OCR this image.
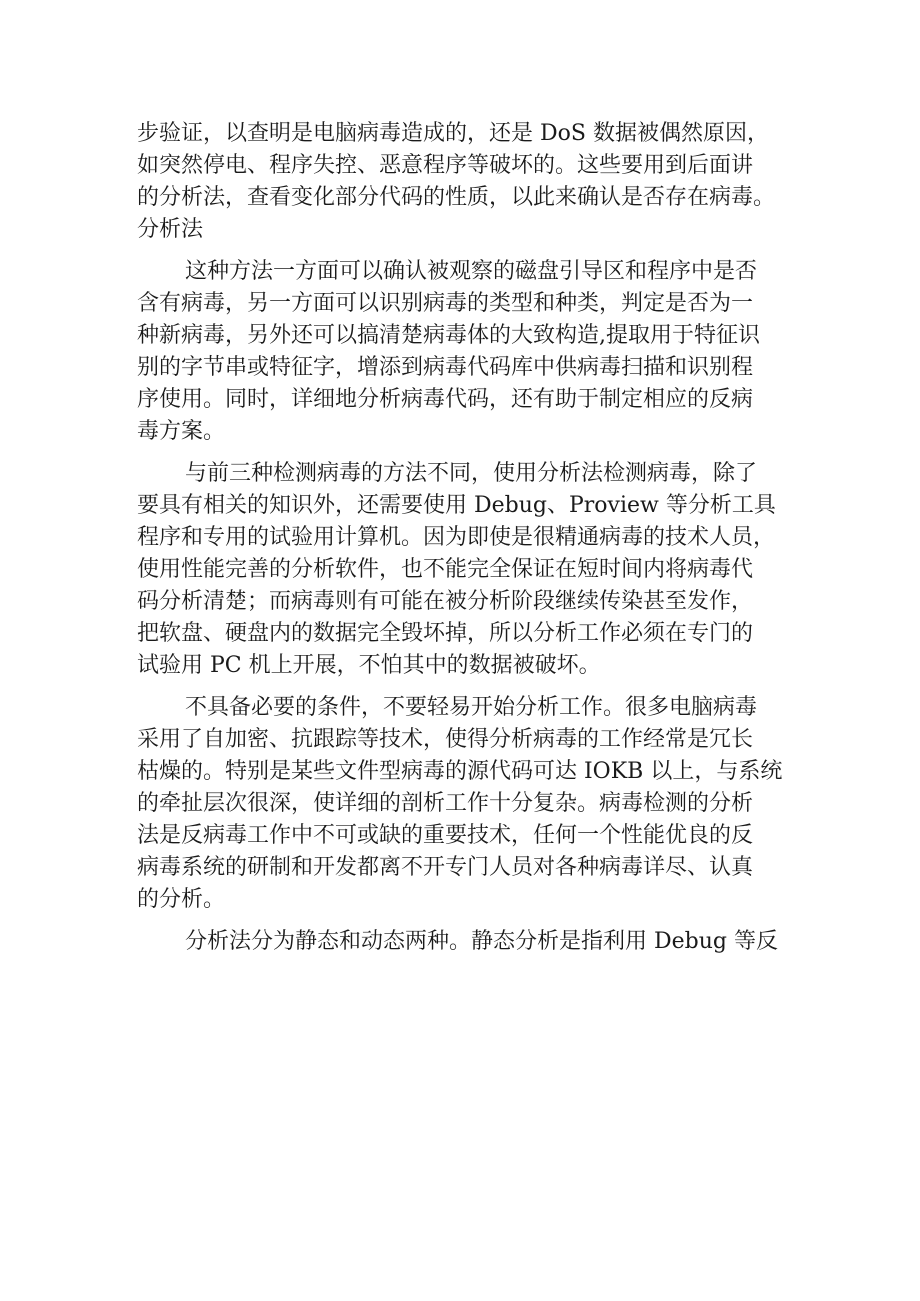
步验证，以查明是电脑病毒造成的，还是 DoS 数据被偶然原因，
如突然停电、程序失控、恶意程序等破坏的。这些要用到后面讲
的分析法，查看变化部分代码的性质，以此来确认是否存在病毒。
分析法
这种方法一方面可以确认被观察的磁盘引导区和程序中是否
含有病毒，另一方面可以识别病毒的类型和种类，判定是否为一
种新病毒，另外还可以搞清楚病毒体的大致构造,提取用于特征识
别的字节串或特征字，增添到病毒代码库中供病毒扫描和识别程
序使用。同时，详细地分析病毒代码，还有助于制定相应的反病
毒方案。
与前三种检测病毒的方法不同，使用分析法检测病毒，除了
要具有相关的知识外，还需要使用 Debug、Proview 等分析工具
程序和专用的试验用计算机。因为即使是很精通病毒的技术人员，
使用性能完善的分析软件，也不能完全保证在短时间内将病毒代
码分析清楚；而病毒则有可能在被分析阶段继续传染甚至发作，
把软盘、硬盘内的数据完全毁坏掉，所以分析工作必须在专门的
试验用 PC 机上开展，不怕其中的数据被破坏。
不具备必要的条件，不要轻易开始分析工作。很多电脑病毒
采用了自加密、抗跟踪等技术，使得分析病毒的工作经常是冗长
枯燥的。特别是某些文件型病毒的源代码可达 IOKB 以上，与系统
的牵扯层次很深，使详细的剖析工作十分复杂。病毒检测的分析
法是反病毒工作中不可或缺的重要技术，任何一个性能优良的反
病毒系统的研制和开发都离不开专门人员对各种病毒详尽、认真
的分析。
分析法分为静态和动态两种。静态分析是指利用 Debug 等反
